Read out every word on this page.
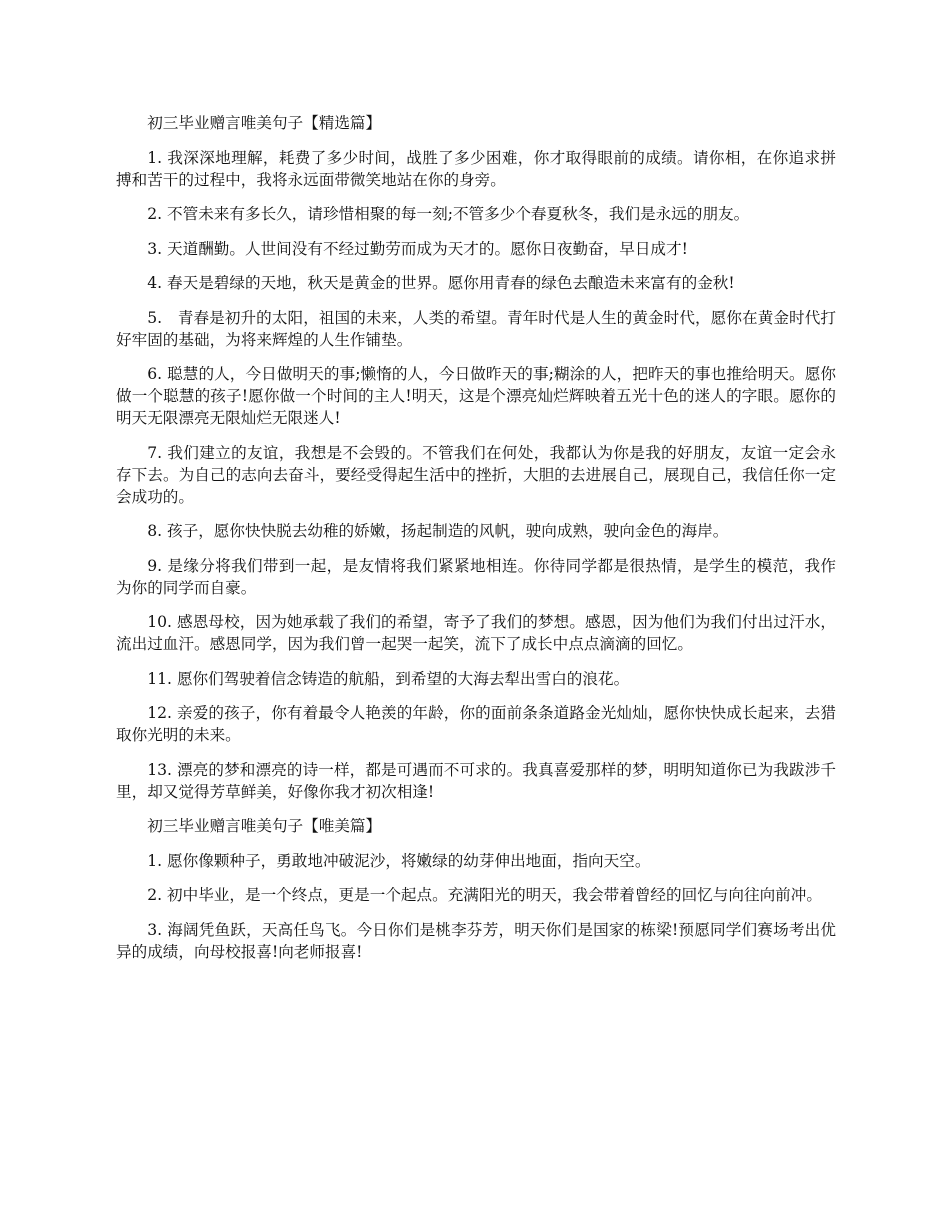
初三毕业赠言唯美句子【精选篇】

1. 我深深地理解，耗费了多少时间，战胜了多少困难，你才取得眼前的成绩。请你相，在你追求拼搏和苦干的过程中，我将永远面带微笑地站在你的身旁。

2. 不管未来有多长久，请珍惜相聚的每一刻;不管多少个春夏秋冬，我们是永远的朋友。

3. 天道酬勤。人世间没有不经过勤劳而成为天才的。愿你日夜勤奋，早日成才!

4. 春天是碧绿的天地，秋天是黄金的世界。愿你用青春的绿色去酿造未来富有的金秋!

5.　青春是初升的太阳，祖国的未来，人类的希望。青年时代是人生的黄金时代，愿你在黄金时代打好牢固的基础，为将来辉煌的人生作铺垫。

6. 聪慧的人，今日做明天的事;懒惰的人，今日做昨天的事;糊涂的人，把昨天的事也推给明天。愿你做一个聪慧的孩子!愿你做一个时间的主人!明天，这是个漂亮灿烂辉映着五光十色的迷人的字眼。愿你的明天无限漂亮无限灿烂无限迷人!

7. 我们建立的友谊，我想是不会毁的。不管我们在何处，我都认为你是我的好朋友，友谊一定会永存下去。为自己的志向去奋斗，要经受得起生活中的挫折，大胆的去进展自己，展现自己，我信任你一定会成功的。

8. 孩子，愿你快快脱去幼稚的娇嫩，扬起制造的风帆，驶向成熟，驶向金色的海岸。

9. 是缘分将我们带到一起，是友情将我们紧紧地相连。你待同学都是很热情，是学生的模范，我作为你的同学而自豪。

10. 感恩母校，因为她承载了我们的希望，寄予了我们的梦想。感恩，因为他们为我们付出过汗水，流出过血汗。感恩同学，因为我们曾一起哭一起笑，流下了成长中点点滴滴的回忆。

11. 愿你们驾驶着信念铸造的航船，到希望的大海去犁出雪白的浪花。

12. 亲爱的孩子，你有着最令人艳羡的年龄，你的面前条条道路金光灿灿，愿你快快成长起来，去猎取你光明的未来。

13. 漂亮的梦和漂亮的诗一样，都是可遇而不可求的。我真喜爱那样的梦，明明知道你已为我跋涉千里，却又觉得芳草鲜美，好像你我才初次相逢!

初三毕业赠言唯美句子【唯美篇】

1. 愿你像颗种子，勇敢地冲破泥沙，将嫩绿的幼芽伸出地面，指向天空。

2. 初中毕业，是一个终点，更是一个起点。充满阳光的明天，我会带着曾经的回忆与向往向前冲。

3. 海阔凭鱼跃，天高任鸟飞。今日你们是桃李芬芳，明天你们是国家的栋梁!预愿同学们赛场考出优异的成绩，向母校报喜!向老师报喜!
